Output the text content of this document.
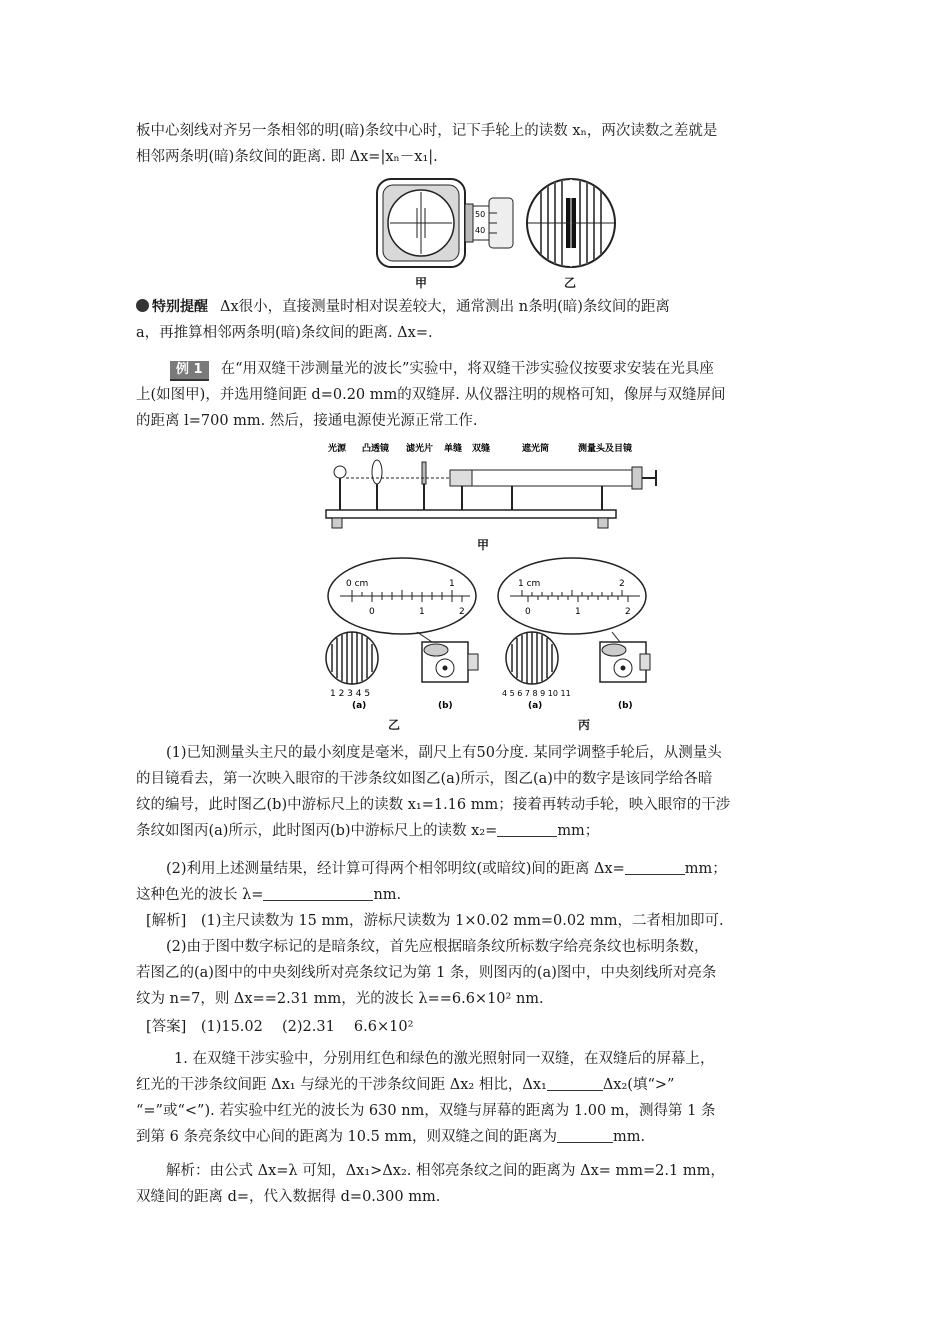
板中心刻线对齐另一条相邻的明(暗)条纹中心时，记下手轮上的读数 xₙ，两次读数之差就是
相邻两条明(暗)条纹间的距离. 即 Δx=|xₙ－x₁|.

50
40
甲	乙

特别提醒 Δx很小，直接测量时相对误差较大，通常测出 n条明(暗)条纹间的距离
a，再推算相邻两条明(暗)条纹间的距离. Δx=.

例 1 在“用双缝干涉测量光的波长”实验中，将双缝干涉实验仪按要求安装在光具座
上(如图甲)，并选用缝间距 d=0.20 mm的双缝屏. 从仪器注明的规格可知，像屏与双缝屏间
的距离 l=700 mm. 然后，接通电源使光源正常工作.

光源 凸透镜 滤光片 单缝 双缝	遮光筒	测量头及目镜
甲
0 cm	1
0	1	2
1 2 3 4 5
(a)	(b)
1 cm	2
0	1	2
4 5 6 7 8 9 10 11
(a)	(b)
乙	丙

(1)已知测量头主尺的最小刻度是毫米，副尺上有50分度. 某同学调整手轮后，从测量头

的目镜看去，第一次映入眼帘的干涉条纹如图乙(a)所示，图乙(a)中的数字是该同学给各暗
纹的编号，此时图乙(b)中游标尺上的读数 x₁=1.16 mm；接着再转动手轮，映入眼帘的干涉
条纹如图丙(a)所示，此时图丙(b)中游标尺上的读数 x₂=	mm；

(2)利用上述测量结果，经计算可得两个相邻明纹(或暗纹)间的距离 Δx=	mm；

这种色光的波长 λ=	nm.

[解析]　(1)主尺读数为 15 mm，游标尺读数为 1×0.02 mm=0.02 mm，二者相加即可.

(2)由于图中数字标记的是暗条纹，首先应根据暗条纹所标数字给亮条纹也标明条数，

若图乙的(a)图中的中央刻线所对亮条纹记为第 1 条，则图丙的(a)图中，中央刻线所对亮条
纹为 n=7，则 Δx==2.31 mm，光的波长 λ==6.6×10² nm.

[答案]　(1)15.02　 (2)2.31　 6.6×10²

1. 在双缝干涉实验中，分别用红色和绿色的激光照射同一双缝，在双缝后的屏幕上，

红光的干涉条纹间距 Δx₁ 与绿光的干涉条纹间距 Δx₂ 相比，Δx₁	Δx₂(填“>”
“=”或“<”). 若实验中红光的波长为 630 nm，双缝与屏幕的距离为 1.00 m，测得第 1 条
到第 6 条亮条纹中心间的距离为 10.5 mm，则双缝之间的距离为	mm.

解析：由公式 Δx=λ 可知，Δx₁>Δx₂. 相邻亮条纹之间的距离为 Δx= mm=2.1 mm，

双缝间的距离 d=，代入数据得 d=0.300 mm.
